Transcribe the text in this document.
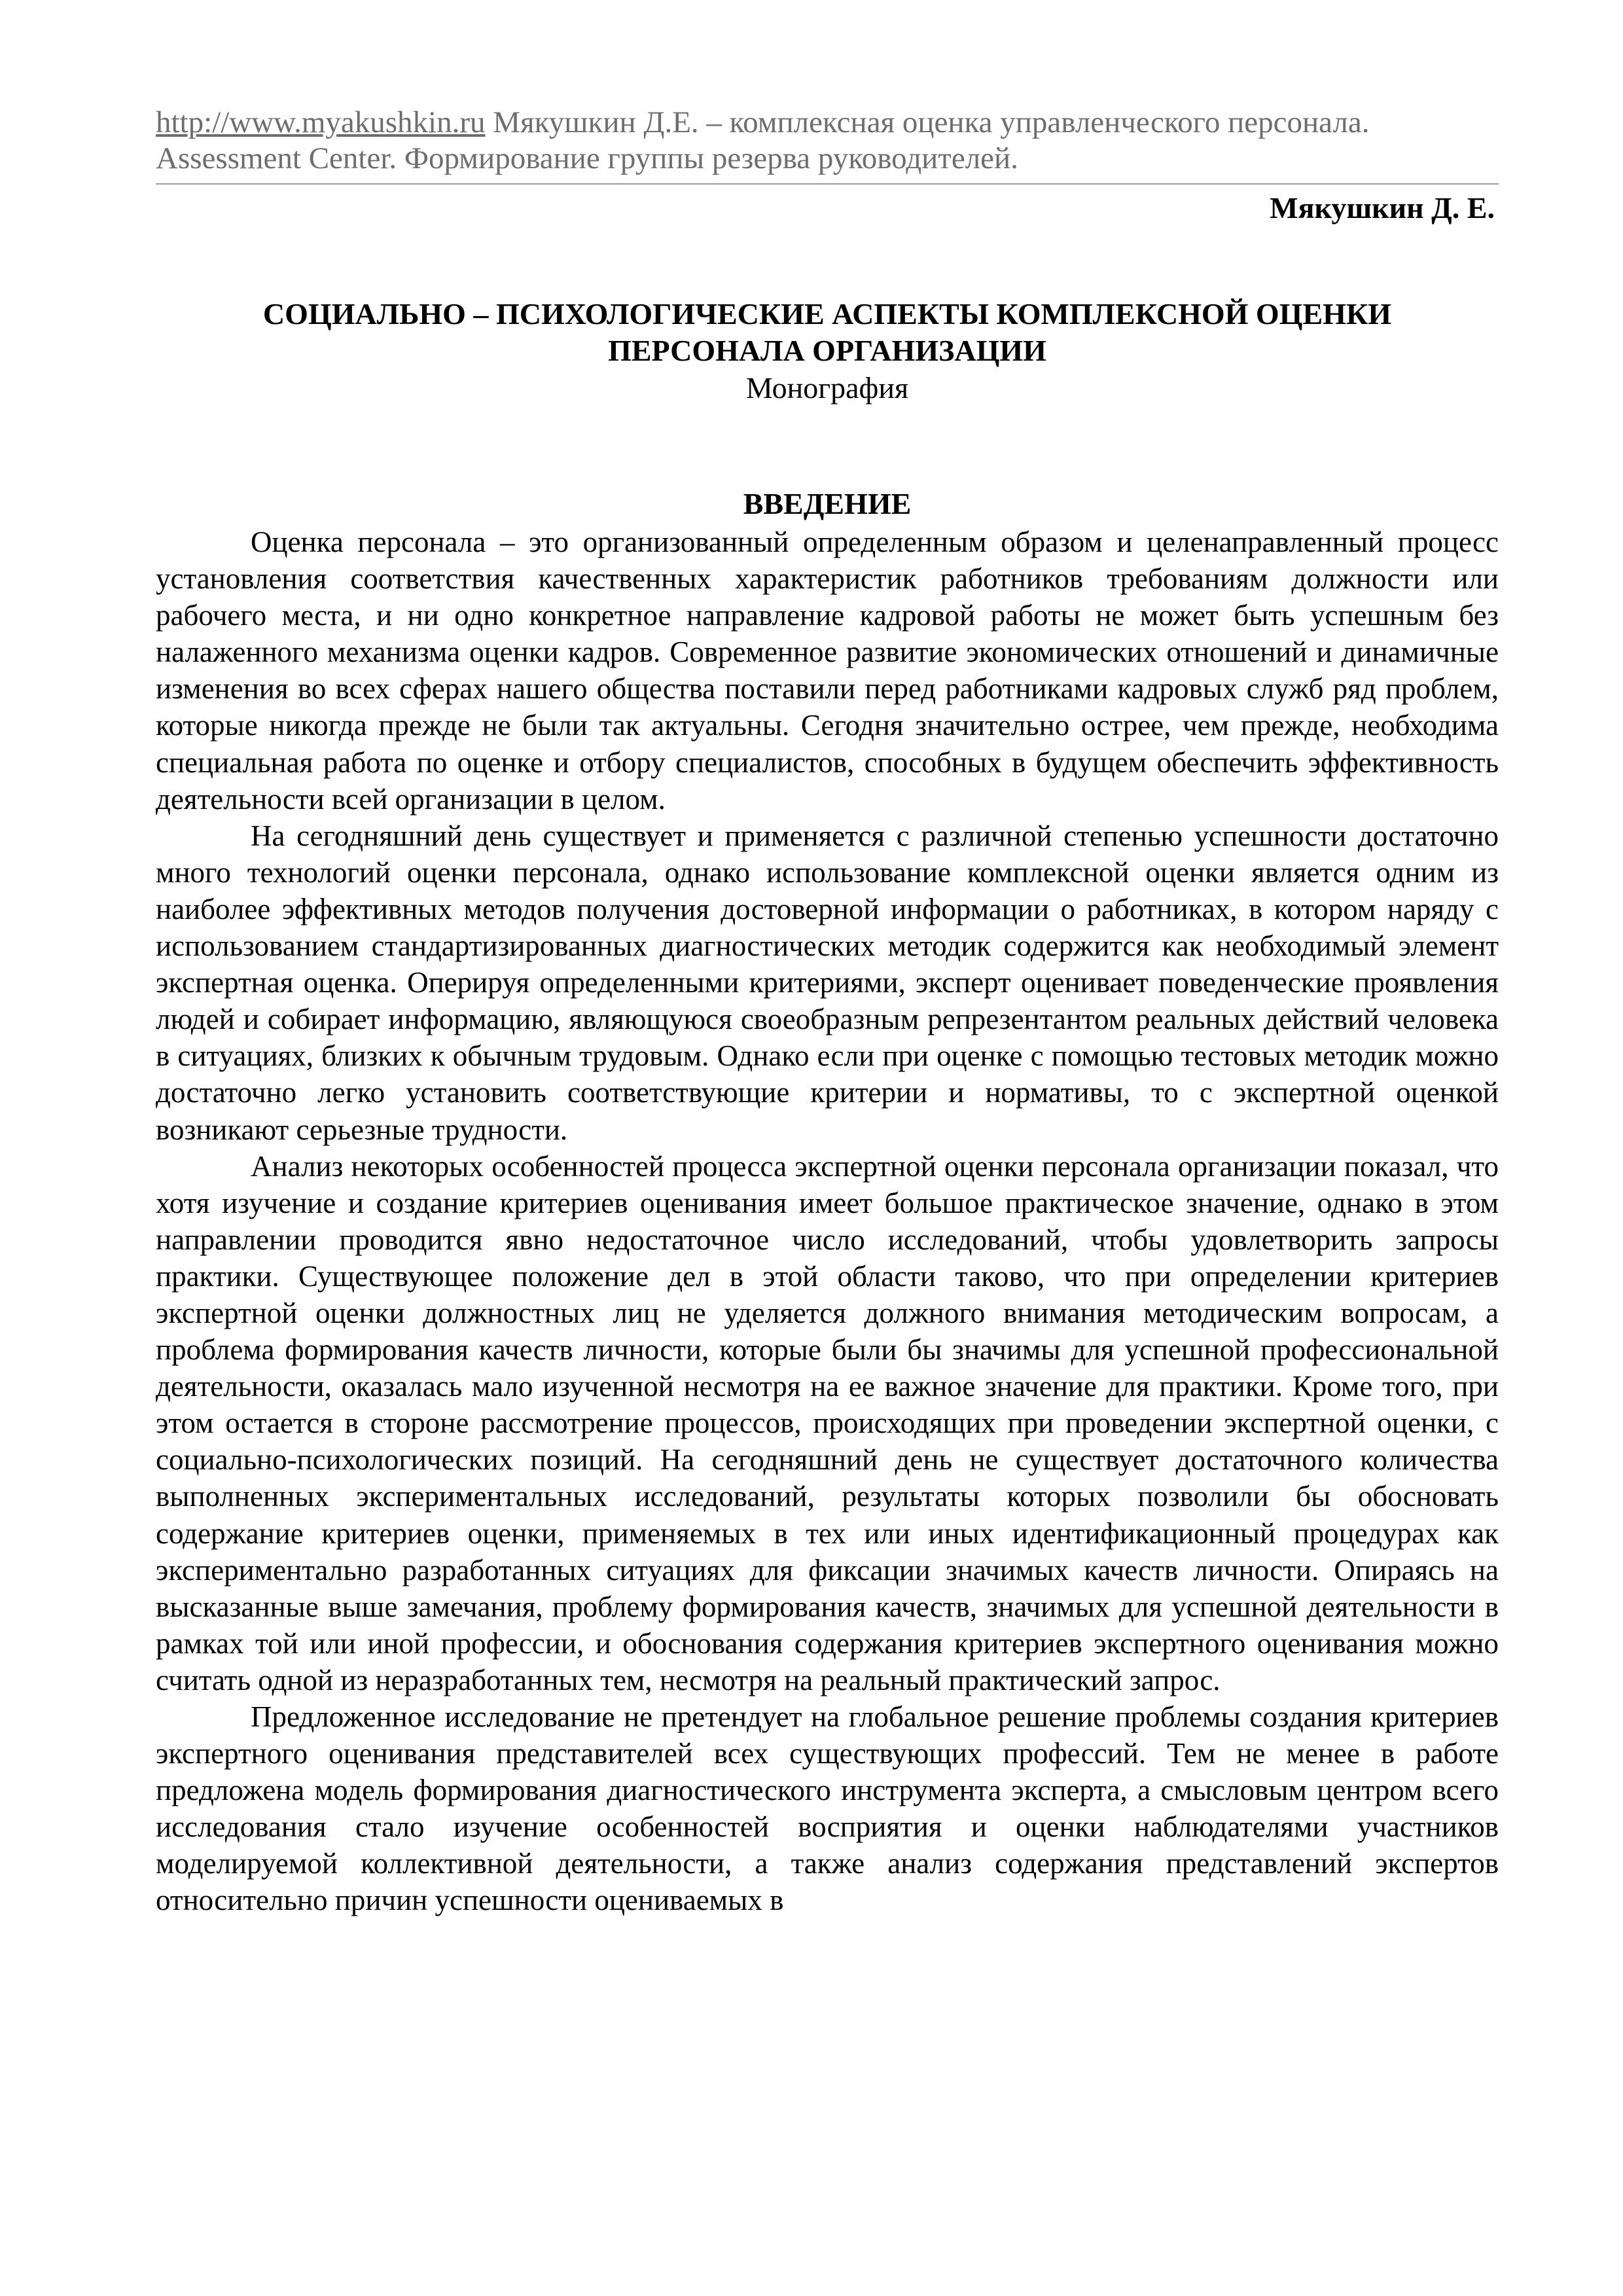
http://www.myakushkin.ru Мякушкин Д.Е. – комплексная оценка управленческого персонала.
Assessment Center. Формирование группы резерва руководителей.
Мякушкин Д. Е.
СОЦИАЛЬНО – ПСИХОЛОГИЧЕСКИЕ АСПЕКТЫ КОМПЛЕКСНОЙ ОЦЕНКИ
ПЕРСОНАЛА ОРГАНИЗАЦИИ
Монография
ВВЕДЕНИЕ

Оценка персонала – это организованный определенным образом и целенаправленный процесс установления соответствия качественных характеристик работников требованиям должности или рабочего места, и ни одно конкретное направление кадровой работы не может быть успешным без налаженного механизма оценки кадров. Современное развитие экономических отношений и динамичные изменения во всех сферах нашего общества поставили перед работниками кадровых служб ряд проблем, которые никогда прежде не были так актуальны. Сегодня значительно острее, чем прежде, необходима специальная работа по оценке и отбору специалистов, способных в будущем обеспечить эффективность деятельности всей организации в целом.

На сегодняшний день существует и применяется с различной степенью успешности достаточно много технологий оценки персонала, однако использование комплексной оценки является одним из наиболее эффективных методов получения достоверной информации о работниках, в котором наряду с использованием стандартизированных диагностических методик содержится как необходимый элемент экспертная оценка. Оперируя определенными критериями, эксперт оценивает поведенческие проявления людей и собирает информацию, являющуюся своеобразным репрезентантом реальных действий человека в ситуациях, близких к обычным трудовым. Однако если при оценке с помощью тестовых методик можно достаточно легко установить соответствующие критерии и нормативы, то с экспертной оценкой возникают серьезные трудности.

Анализ некоторых особенностей процесса экспертной оценки персонала организации показал, что хотя изучение и создание критериев оценивания имеет большое практическое значение, однако в этом направлении проводится явно недостаточное число исследований, чтобы удовлетворить запросы практики. Существующее положение дел в этой области таково, что при определении критериев экспертной оценки должностных лиц не уделяется должного внимания методическим вопросам, а проблема формирования качеств личности, которые были бы значимы для успешной профессиональной деятельности, оказалась мало изученной несмотря на ее важное значение для практики. Кроме того, при этом остается в стороне рассмотрение процессов, происходящих при проведении экспертной оценки, с социально-психологических позиций. На сегодняшний день не существует достаточного количества выполненных экспериментальных исследований, результаты которых позволили бы обосновать содержание критериев оценки, применяемых в тех или иных идентификационный процедурах как экспериментально разработанных ситуациях для фиксации значимых качеств личности. Опираясь на высказанные выше замечания, проблему формирования качеств, значимых для успешной деятельности в рамках той или иной профессии, и обоснования содержания критериев экспертного оценивания можно считать одной из неразработанных тем, несмотря на реальный практический запрос.

Предложенное исследование не претендует на глобальное решение проблемы создания критериев экспертного оценивания представителей всех существующих профессий. Тем не менее в работе предложена модель формирования диагностического инструмента эксперта, а смысловым центром всего исследования стало изучение особенностей восприятия и оценки наблюдателями участников моделируемой коллективной деятельности, а также анализ содержания представлений экспертов относительно причин успешности оцениваемых в
